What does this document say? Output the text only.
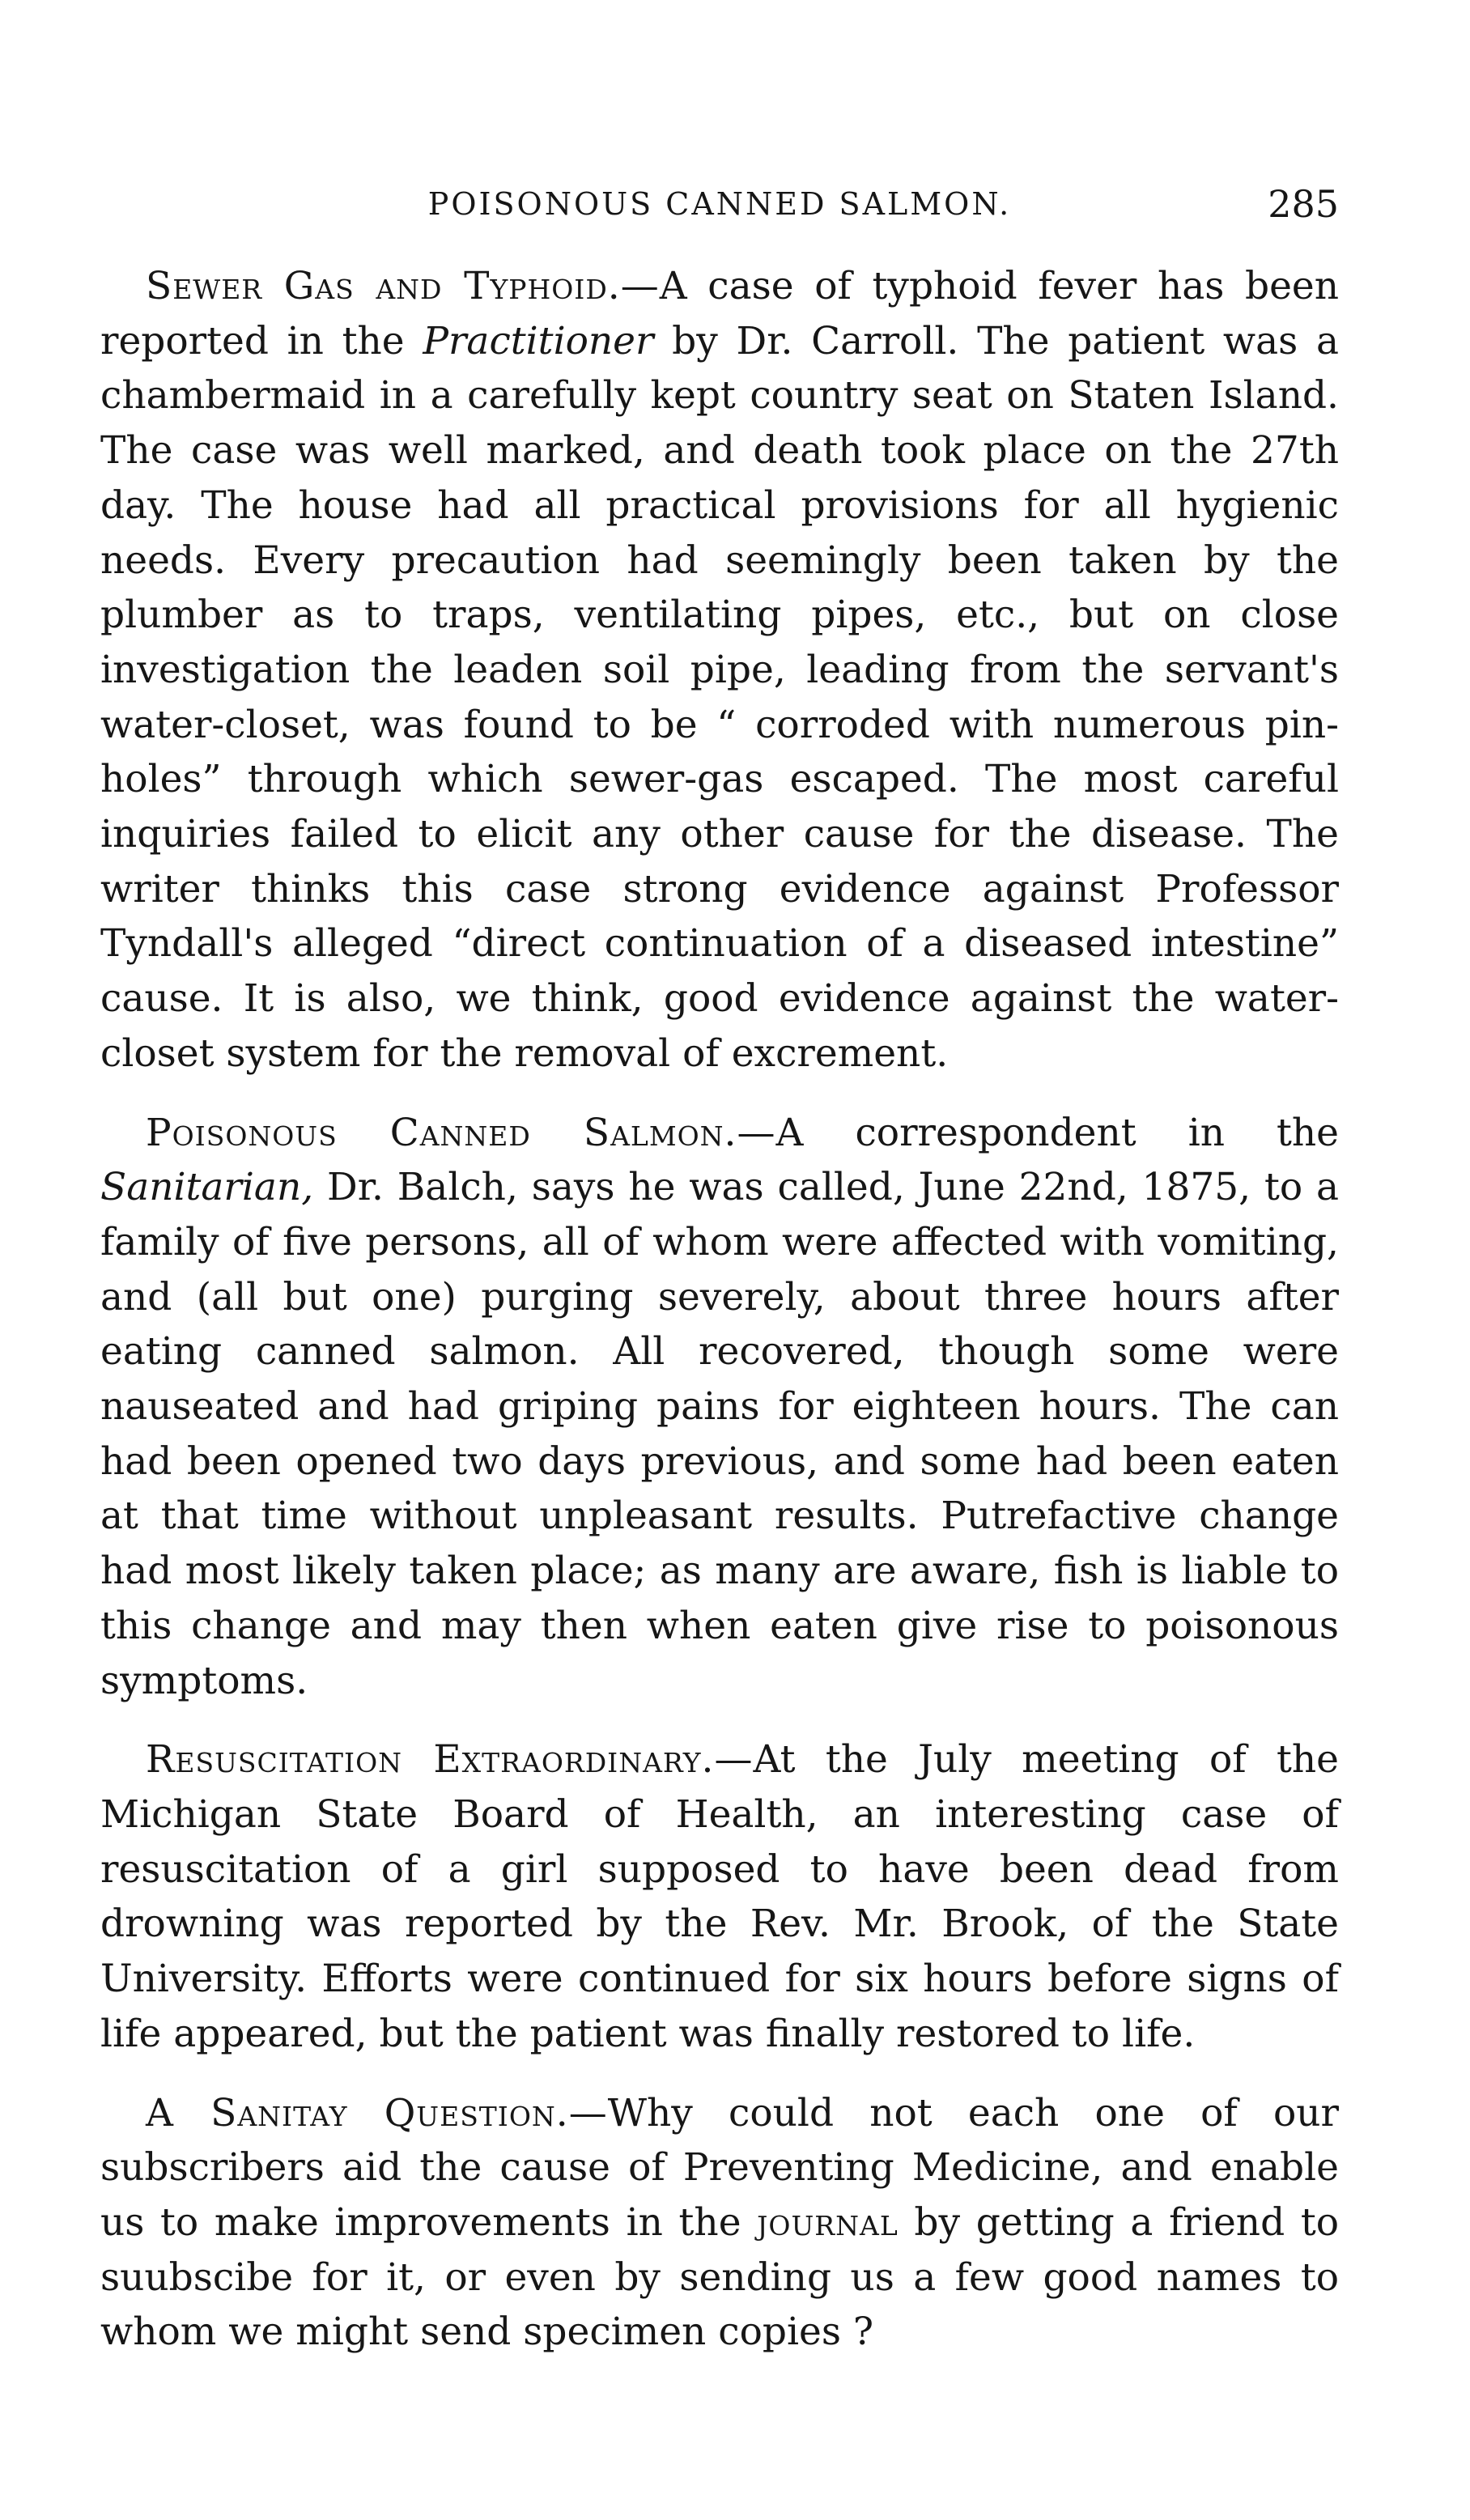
POISONOUS CANNED SALMON.	285

Sewer Gas and Typhoid.—A case of typhoid fever has been reported in the Practitioner by Dr. Carroll. The patient was a chambermaid in a carefully kept country seat on Staten Island. The case was well marked, and death took place on the 27th day. The house had all practical provisions for all hygienic needs. Every precaution had seemingly been taken by the plumber as to traps, ventilating pipes, etc., but on close investigation the leaden soil pipe, leading from the servant's water-closet, was found to be “ corroded with numerous pin-holes” through which sewer-gas escaped. The most careful inquiries failed to elicit any other cause for the disease. The writer thinks this case strong evidence against Professor Tyndall's alleged “direct continuation of a diseased intestine” cause. It is also, we think, good evidence against the water-closet system for the removal of excrement.

Poisonous Canned Salmon.—A correspondent in the Sanitarian, Dr. Balch, says he was called, June 22nd, 1875, to a family of five persons, all of whom were affected with vomiting, and (all but one) purging severely, about three hours after eating canned salmon. All recovered, though some were nauseated and had griping pains for eighteen hours. The can had been opened two days previous, and some had been eaten at that time without unpleasant results. Putrefactive change had most likely taken place; as many are aware, fish is liable to this change and may then when eaten give rise to poisonous symptoms.

Resuscitation Extraordinary.—At the July meeting of the Michigan State Board of Health, an interesting case of resuscitation of a girl supposed to have been dead from drowning was reported by the Rev. Mr. Brook, of the State University. Efforts were continued for six hours before signs of life appeared, but the patient was finally restored to life.

A Sanitay Question.—Why could not each one of our subscribers aid the cause of Preventing Medicine, and enable us to make improvements in the journal by getting a friend to suubscibe for it, or even by sending us a few good names to whom we might send specimen copies ?
